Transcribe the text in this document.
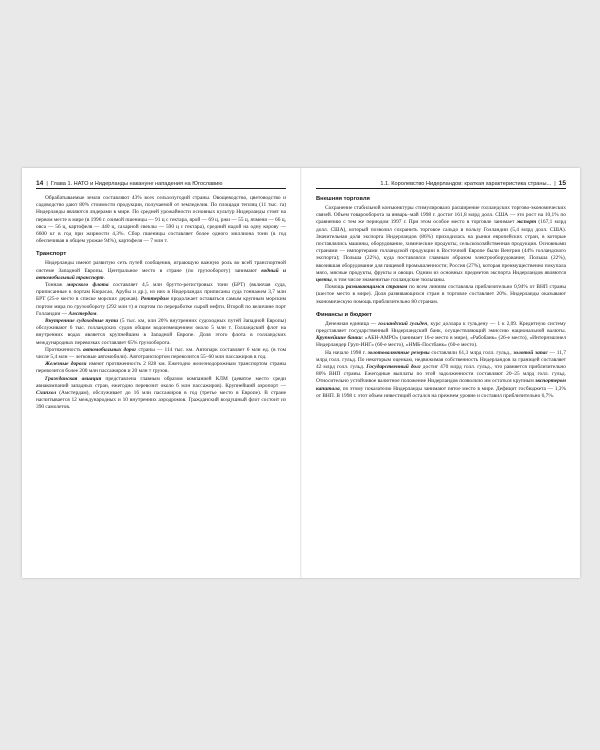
14 | Глава 1. НАТО и Нидерланды накануне нападения на Югославию

Обрабатываемые земли составляют 43% всех сельхозугодий страны. Овощеводство, цветоводство и садоводство дают 80% стоимости продукции, получаемой от земледелия. По площади теплиц (11 тыс. га) Нидерланды являются лидерами в мире. По средней урожайности основных культур Нидерланды стоят на первом месте в мире (в 1996 г. озимой пшеницы — 91 ц с гектара, ярой — 69 ц, ржи — 55 ц, ячменя — 66 ц, овса — 56 ц, картофеля — 440 ц, сахарной свеклы — 590 ц с гектара), средний надой на одну корову — 6600 кг в год при жирности 4,3%. Сбор пшеницы составляет более одного миллиона тонн (в год обеспечивая в общем урожае 94%), картофеля — 7 млн т.

Транспорт

Нидерланды имеют развитую сеть путей сообщения, играющую важную роль во всей транспортной системе Западной Европы. Центральное место в стране (по грузообороту) занимают водный и автомобильный транспорт.

Тоннаж морского флота составляет 4,5 млн брутто-регистровых тонн (БРТ) (включая суда, приписанные к портам Кюрасао, Арубы и др.), из них в Нидерландах приписаны суда тоннажем 3,7 млн БРТ (25-е место в списке морских держав). Роттердам продолжает оставаться самым крупным морским портом мира по грузообороту (292 млн т) и портом по переработке сырой нефти. Второй по величине порт Голландии — Амстердам.

Внутренние судоходные пути (5 тыс. км, или 20% внутренних судоходных путей Западной Европы) обслуживают 6 тыс. голландских судов общим водоизмещением около 5 млн т. Голландский флот на внутренних водах является крупнейшим в Западной Европе. Доля этого флота в голландских международных перевозках составляет 65% грузооборота.

Протяженность автомобильных дорог страны — 114 тыс. км. Автопарк составляет 6 млн ед. (в том числе 5,4 млн — легковые автомобили). Автотранспортом перевозится 55–60 млн пассажиров в год.

Железные дороги имеют протяженность 2 828 км. Ежегодно железнодорожным транспортом страны перевозится более 200 млн пассажиров и 20 млн т грузов.

Гражданская авиация представлена главным образом компанией КЛМ (девятое место среди авиакомпаний западных стран, ежегодно перевозит около 6 млн пассажиров). Крупнейший аэропорт — Схипхол (Амстердам), обслуживает до 16 млн пассажиров в год (третье место в Европе). В стране насчитывается 12 международных и 10 внутренних аэродромов. Гражданский воздушный флот состоит из 390 самолетов.

1.1. Королевство Нидерландов: краткая характеристика страны... | 15
Внешняя торговля

Сохранение стабильной конъюнктуры стимулировало расширение голландских торгово-экономических связей. Объем товарооборота за январь–май 1998 г. достиг 161,8 млрд долл. США — это рост на 10,1% по сравнению с тем же периодом 1997 г. При этом особое место в торговле занимает экспорт (167,1 млрд долл. США), который позволил сохранить торговое сальдо в пользу Голландии (5,4 млрд долл. США). Значительная доля экспорта Нидерландов (86%) приходилась на рынки европейских стран, в которые поставлялись машины, оборудование, химические продукты, сельскохозяйственная продукция. Основными странами — импортерами голландской продукции в Восточной Европе были Венгрия (44% голландского экспорта); Польша (22%), куда поставлялся главным образом электрооборудование; Польша (22%), ввозившая оборудование для пищевой промышленности; Россия (27%), которая преимущественно покупала мясо, мясные продукты, фрукты и овощи. Одним из основных предметов экспорта Нидерландов являются цветы, в том числе знаменитые голландские тюльпаны.

Помощь развивающимся странам по всем линиям составляла приблизительно 0,94% от ВНП страны (шестое место в мире). Доля развивающихся стран в торговле составляет 20%. Нидерланды оказывают экономическую помощь приблизительно 80 странам.

Финансы и бюджет

Денежная единица — голландский гульден, курс доллара к гульдену — 1 к 2,09. Кредитную систему представляет государственный Нидерландский банк, осуществляющий эмиссию национальной валюты. Крупнейшие банки: «АБН-АМРО» (занимает 16-е место в мире), «Рабобанк» (26-е место), «Интернэшэнел Нидерландер Груп-ИНГ» (60-е место), «НМБ-Постбанк» (60-е место).

На начало 1998 г. золотовалютные резервы составляли 61,3 млрд голл. гульд., золотой запас — 11,7 млрд голл. гульд. По некоторым оценкам, недвижимая собственность Нидерландов за границей составляет 42 млрд голл. гульд. Государственный долг достиг 470 млрд голл. гульд., что равняется приблизительно 80% ВНП страны. Ежегодные выплаты по этой задолженности составляют 20–25 млрд голл. гульд. Относительно устойчивое валютное положение Нидерландов позволило им остаться крупным экспортером капитала, по этому показателю Нидерланды занимают пятое место в мире. Дефицит госбюджета — 1,3% от ВНП. В 1998 г. этот объем инвестиций остался на прежнем уровне и составил приблизительно 6,7%.
